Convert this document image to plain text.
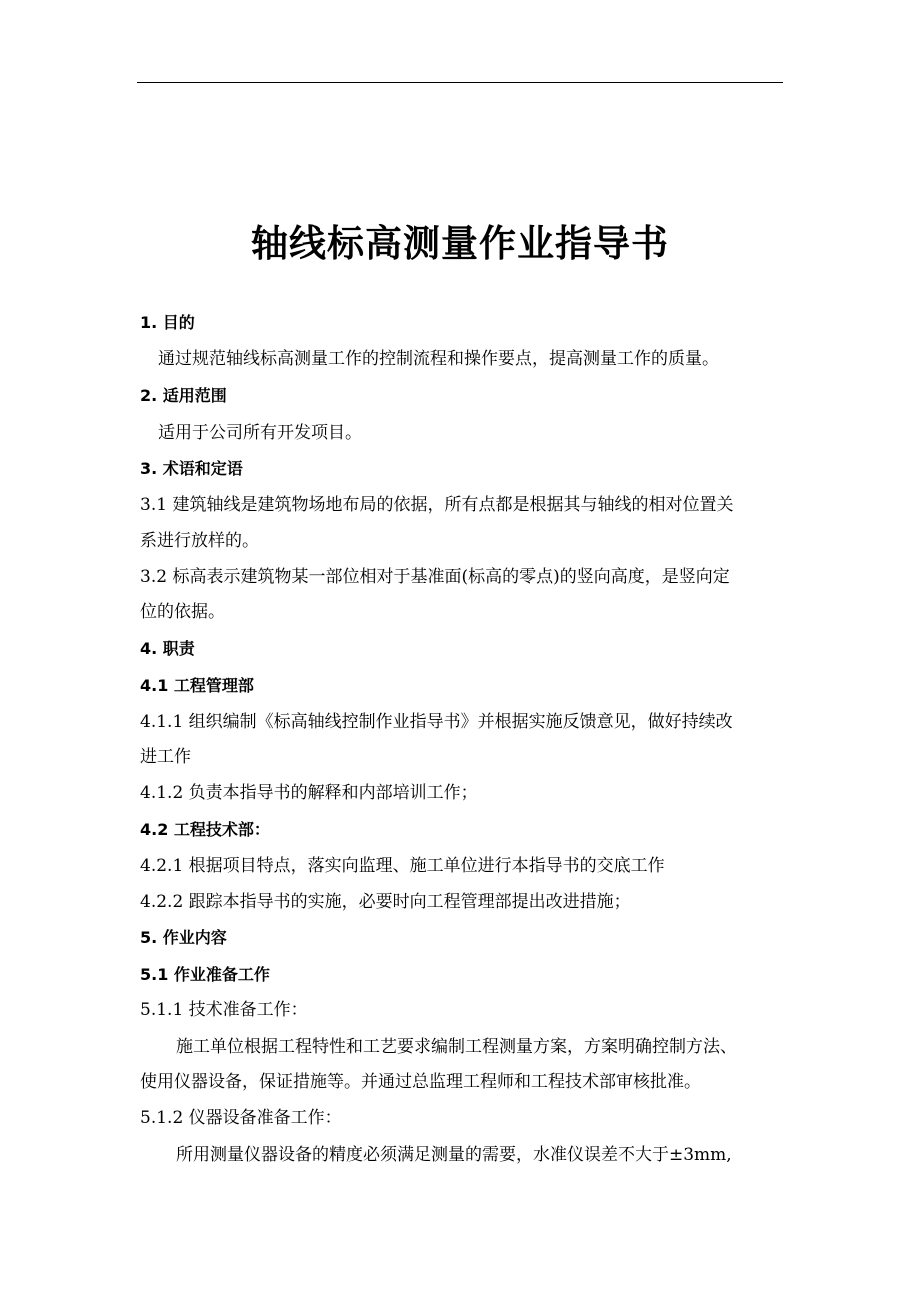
轴线标高测量作业指导书
1. 目的
通过规范轴线标高测量工作的控制流程和操作要点，提高测量工作的质量。
2. 适用范围
适用于公司所有开发项目。
3. 术语和定语
3.1 建筑轴线是建筑物场地布局的依据，所有点都是根据其与轴线的相对位置关
系进行放样的。
3.2 标高表示建筑物某一部位相对于基准面(标高的零点)的竖向高度，是竖向定
位的依据。
4. 职责
4.1 工程管理部
4.1.1 组织编制《标高轴线控制作业指导书》并根据实施反馈意见，做好持续改
进工作
4.1.2 负责本指导书的解释和内部培训工作；
4.2 工程技术部：
4.2.1 根据项目特点，落实向监理、施工单位进行本指导书的交底工作
4.2.2 跟踪本指导书的实施，必要时向工程管理部提出改进措施；
5. 作业内容
5.1 作业准备工作
5.1.1 技术准备工作：
施工单位根据工程特性和工艺要求编制工程测量方案，方案明确控制方法、
使用仪器设备，保证措施等。并通过总监理工程师和工程技术部审核批准。
5.1.2 仪器设备准备工作：
所用测量仪器设备的精度必须满足测量的需要，水准仪误差不大于±3mm,
